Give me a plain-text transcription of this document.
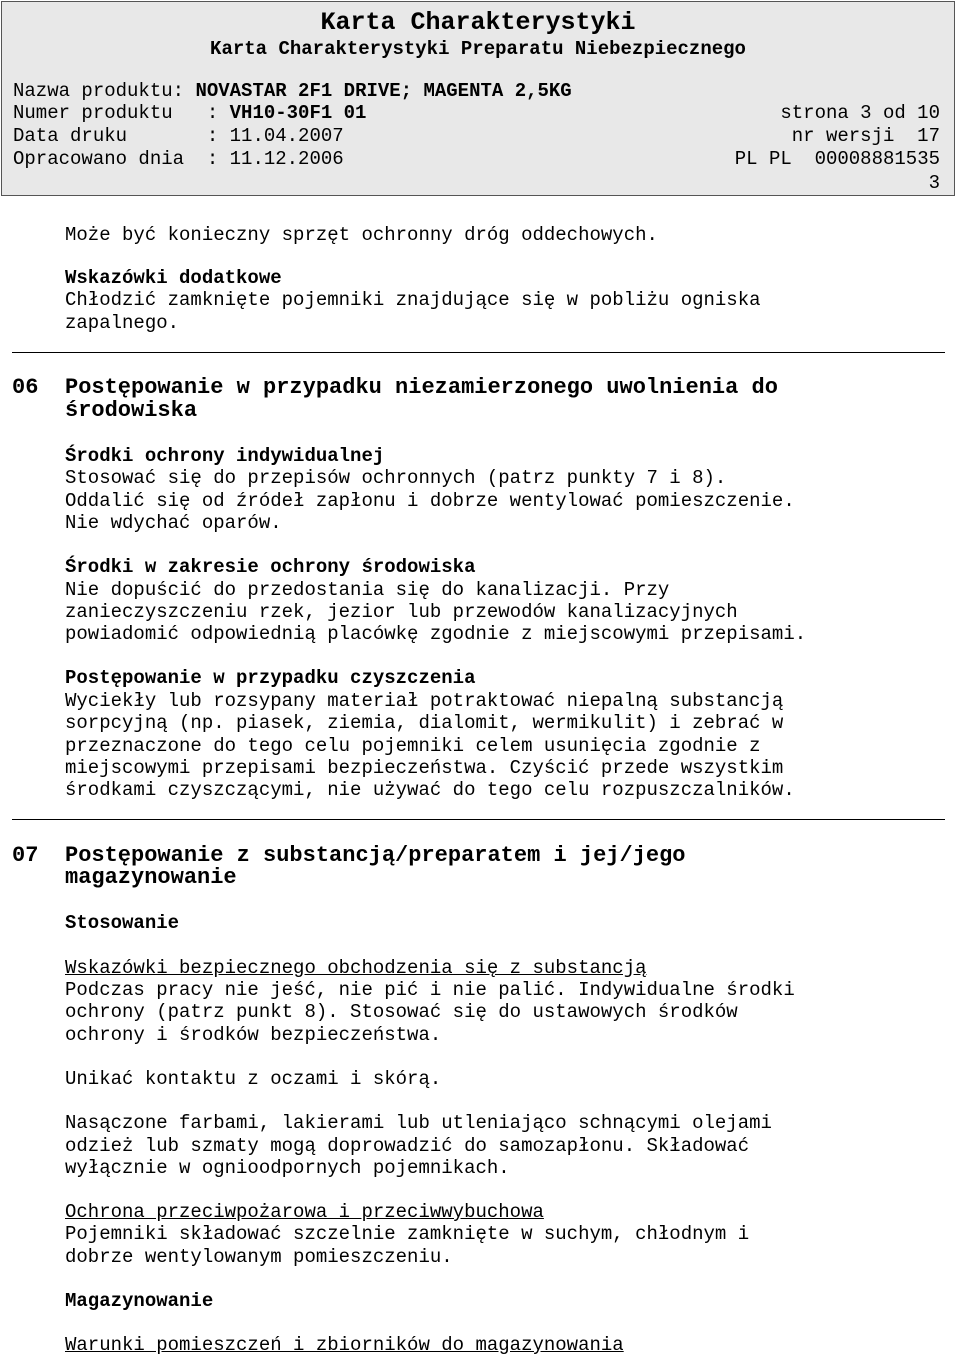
Karta Charakterystyki
Karta Charakterystyki Preparatu Niebezpiecznego
Nazwa produktu: NOVASTAR 2F1 DRIVE; MAGENTA 2,5KG
Numer produktu   : VH10-30F1 01
Data druku       : 11.04.2007
Opracowano dnia  : 11.12.2006
strona 3 od 10
nr wersji  17
PL PL  00008881535
3
Może być konieczny sprzęt ochronny dróg oddechowych.
Wskazówki dodatkowe
Chłodzić zamknięte pojemniki znajdujące się w pobliżu ogniska
zapalnego.
06 Postępowanie w przypadku niezamierzonego uwolnienia do
środowiska
Środki ochrony indywidualnej
Stosować się do przepisów ochronnych (patrz punkty 7 i 8).
Oddalić się od źródeł zapłonu i dobrze wentylować pomieszczenie.
Nie wdychać oparów.
Środki w zakresie ochrony środowiska
Nie dopuścić do przedostania się do kanalizacji. Przy
zanieczyszczeniu rzek, jezior lub przewodów kanalizacyjnych
powiadomić odpowiednią placówkę zgodnie z miejscowymi przepisami.
Postępowanie w przypadku czyszczenia
Wyciekły lub rozsypany materiał potraktować niepalną substancją
sorpcyjną (np. piasek, ziemia, dialomit, wermikulit) i zebrać w
przeznaczone do tego celu pojemniki celem usunięcia zgodnie z
miejscowymi przepisami bezpieczeństwa. Czyścić przede wszystkim
środkami czyszczącymi, nie używać do tego celu rozpuszczalników.
07 Postępowanie z substancją/preparatem i jej/jego
magazynowanie
Stosowanie
Wskazówki bezpiecznego obchodzenia się z substancją
Podczas pracy nie jeść, nie pić i nie palić. Indywidualne środki
ochrony (patrz punkt 8). Stosować się do ustawowych środków
ochrony i środków bezpieczeństwa.
Unikać kontaktu z oczami i skórą.
Nasączone farbami, lakierami lub utleniająco schnącymi olejami
odzież lub szmaty mogą doprowadzić do samozapłonu. Składować
wyłącznie w ognioodpornych pojemnikach.
Ochrona przeciwpożarowa i przeciwwybuchowa
Pojemniki składować szczelnie zamknięte w suchym, chłodnym i
dobrze wentylowanym pomieszczeniu.
Magazynowanie
Warunki pomieszczeń i zbiorników do magazynowania
